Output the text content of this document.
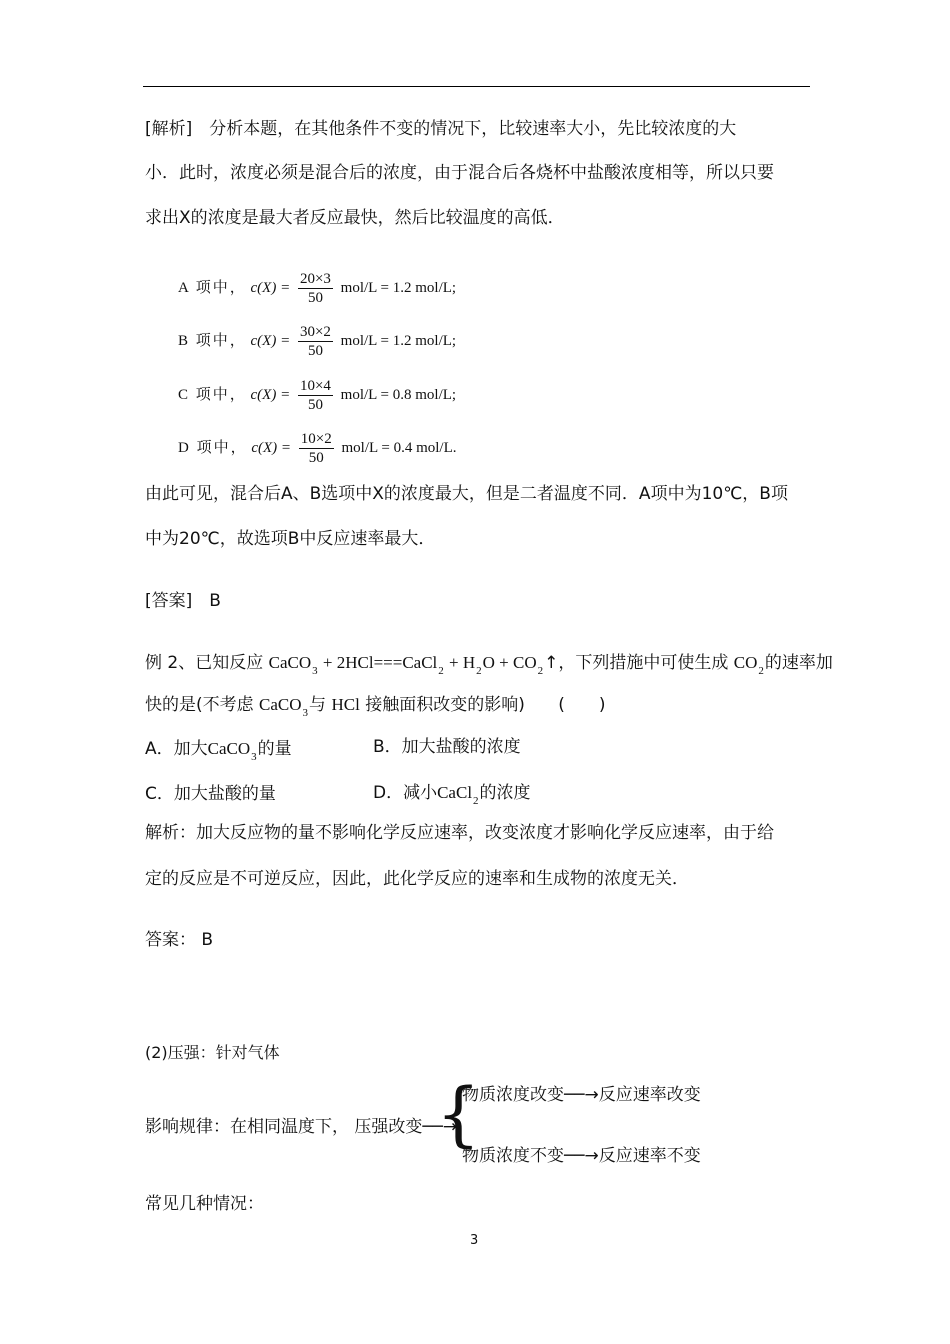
[解析]　分析本题，在其他条件不变的情况下，比较速率大小，先比较浓度的大
小．此时，浓度必须是混合后的浓度，由于混合后各烧杯中盐酸浓度相等，所以只要
求出X的浓度是最大者反应最快，然后比较温度的高低．
A 项中， $c(X) = \frac{20\times 3}{50} mol/L = 1.2$ mol/L;
B 项中， $c(X) = \frac{30\times 2}{50} mol/L = 1.2$ mol/L;
C 项中， $c(X) = \frac{10\times 4}{50} mol/L = 0.8$ mol/L;
D 项中， $c(X) = \frac{10\times 2}{50} mol/L = 0.4$ mol/L.
由此可见，混合后A、B选项中X的浓度最大，但是二者温度不同．A项中为10℃，B项
中为20℃，故选项B中反应速率最大．
[答案]　B
例 2、已知反应 CaCO$_3$ + 2HCl===CaCl$_2$ + $H_2O$ + $CO_2↑$，下列措施中可使生成 $CO_2$的速率加
快的是(不考虑 CaCO$_3$与 HCl 接触面积改变的影响) (　　)
A．加大CaCO$_3$的量	B．加大盐酸的浓度
C．加大盐酸的量	D．减小CaCl$_2$的浓度
解析：加大反应物的量不影响化学反应速率，改变浓度才影响化学反应速率，由于给
定的反应是不可逆反应，因此，此化学反应的速率和生成物的浓度无关．
答案： B
(2)压强：针对气体
影响规律：在相同温度下， 压强改变──→
{
物质浓度改变──→反应速率改变
物质浓度不变──→反应速率不变
常见几种情况：
3
